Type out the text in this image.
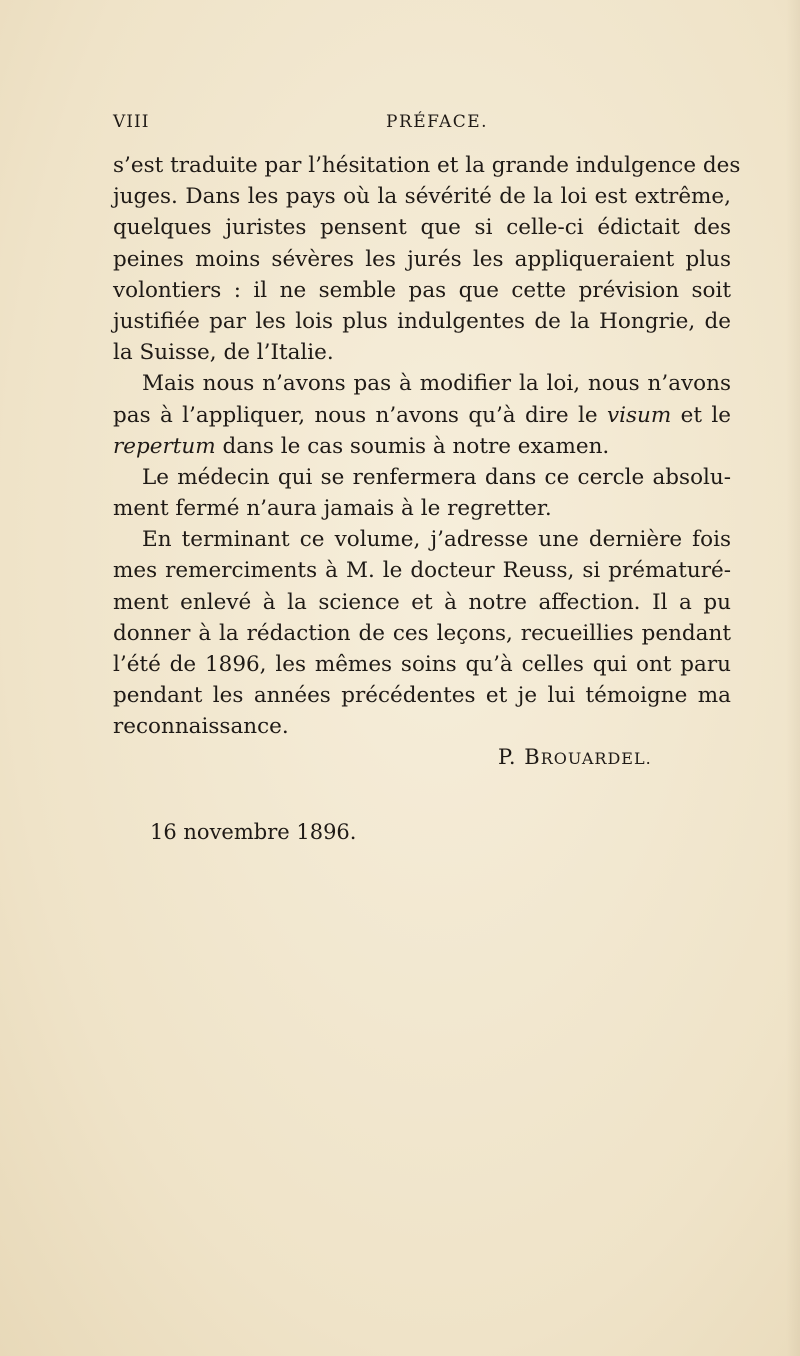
VIII	PRÉFACE.
s’est traduite par l’hésitation et la grande indulgence des
juges. Dans les pays où la sévérité de la loi est extrême,
quelques juristes pensent que si celle-ci édictait des
peines moins sévères les jurés les appliqueraient plus
volontiers : il ne semble pas que cette prévision soit
justifiée par les lois plus indulgentes de la Hongrie, de
la Suisse, de l’Italie.
Mais nous n’avons pas à modifier la loi, nous n’avons
pas à l’appliquer, nous n’avons qu’à dire le visum et le
repertum dans le cas soumis à notre examen.
Le médecin qui se renfermera dans ce cercle absolu-
ment fermé n’aura jamais à le regretter.
En terminant ce volume, j’adresse une dernière fois
mes remerciments à M. le docteur Reuss, si prématuré-
ment enlevé à la science et à notre affection. Il a pu
donner à la rédaction de ces leçons, recueillies pendant
l’été de 1896, les mêmes soins qu’à celles qui ont paru
pendant les années précédentes et je lui témoigne ma
reconnaissance.
P. BROUARDEL.
16 novembre 1896.
